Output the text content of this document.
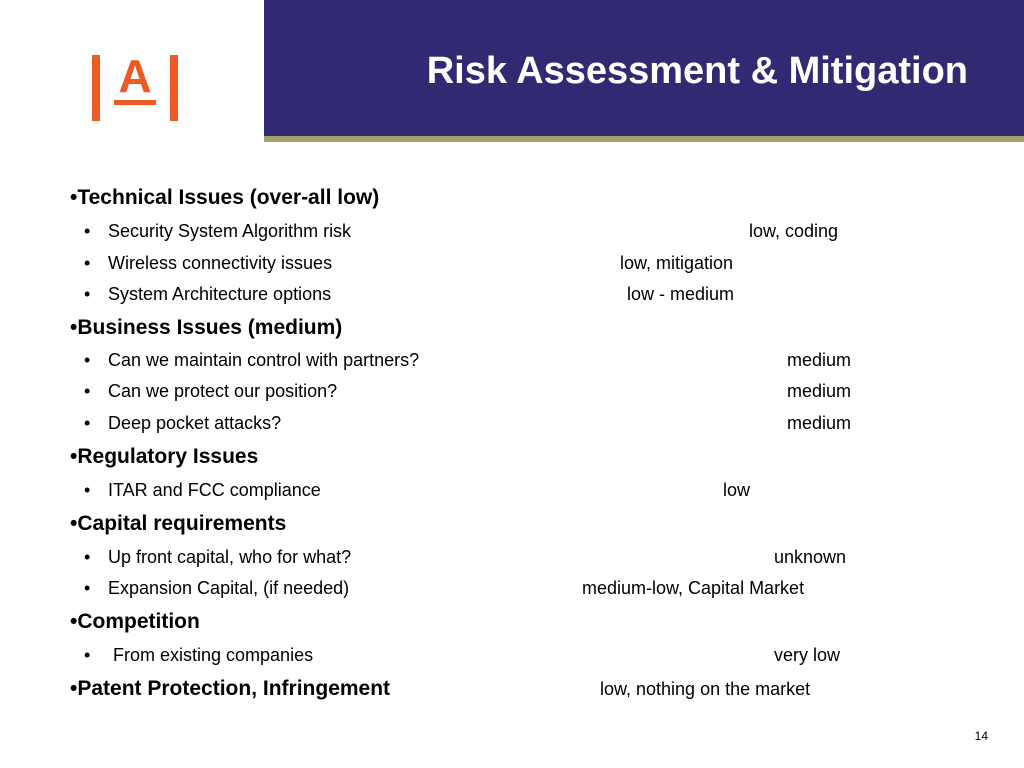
A	Risk Assessment & Mitigation
•Technical Issues (over-all low)
• Security System Algorithm risk	low, coding
• Wireless connectivity issues	low, mitigation
• System Architecture options	low - medium
•Business Issues (medium)
• Can we maintain control with partners?	medium
• Can we protect our position?	medium
• Deep pocket attacks?	medium
•Regulatory Issues
• ITAR and FCC compliance	low
•Capital requirements
• Up front capital, who for what?	unknown
• Expansion Capital, (if needed)	medium-low, Capital Market
•Competition
• From existing companies	very low
•Patent Protection, Infringement	low, nothing on the market
14
